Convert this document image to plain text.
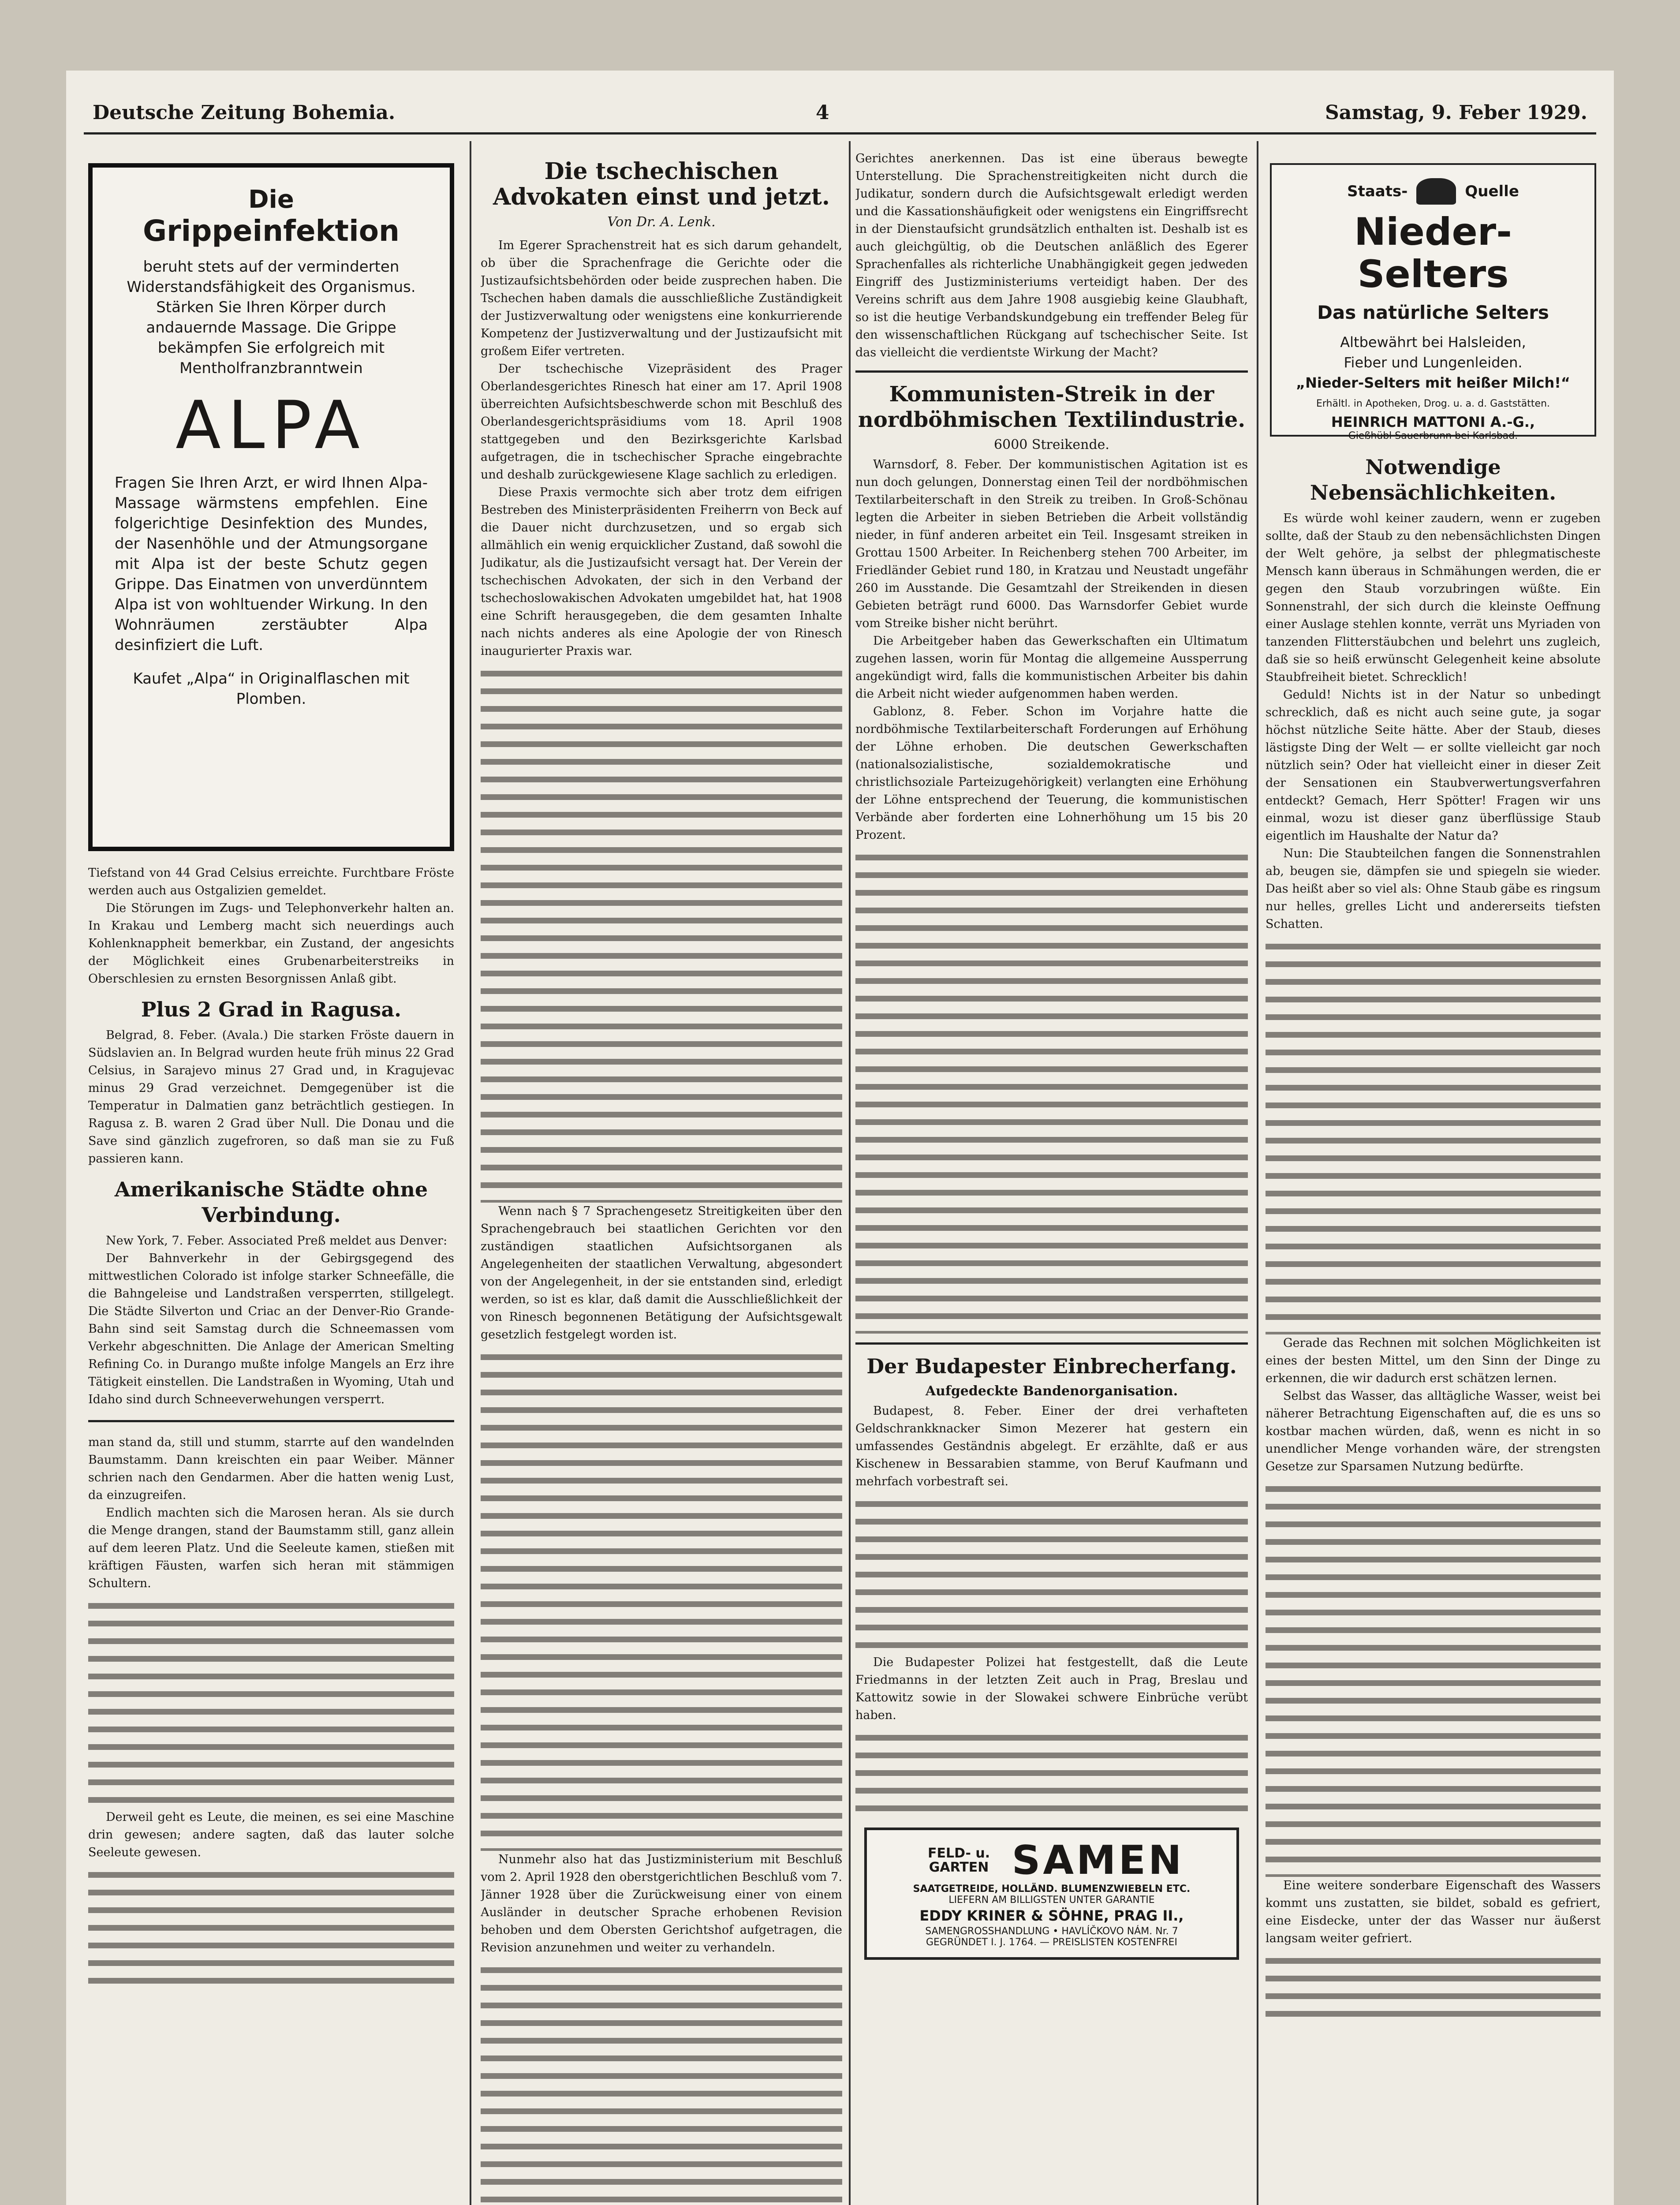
Deutsche Zeitung Bohemia.	4	Samstag, 9. Feber 1929.
Die
Grippeinfektion
beruht stets auf der verminderten Widerstandsfähigkeit des Organismus. Stärken Sie Ihren Körper durch andauernde Massage. Die Grippe bekämpfen Sie erfolgreich mit Mentholfranzbranntwein
ALPA
Fragen Sie Ihren Arzt, er wird Ihnen Alpa-Massage wärmstens empfehlen. Eine folgerichtige Desinfektion des Mundes, der Nasenhöhle und der Atmungsorgane mit Alpa ist der beste Schutz gegen Grippe. Das Einatmen von unverdünntem Alpa ist von wohltuender Wirkung. In den Wohnräumen zerstäubter Alpa desinfiziert die Luft.
Kaufet „Alpa“ in Originalflaschen mit Plomben.

Tiefstand von 44 Grad Celsius erreichte. Furchtbare Fröste werden auch aus Ostgalizien gemeldet.

Die Störungen im Zugs- und Telephonverkehr halten an. In Krakau und Lemberg macht sich neuerdings auch Kohlenknappheit bemerkbar, ein Zustand, der angesichts der Möglichkeit eines Grubenarbeiterstreiks in Oberschlesien zu ernsten Besorgnissen Anlaß gibt.

Plus 2 Grad in Ragusa.

Belgrad, 8. Feber. (Avala.) Die starken Fröste dauern in Südslavien an. In Belgrad wurden heute früh minus 22 Grad Celsius, in Sarajevo minus 27 Grad und, in Kragujevac minus 29 Grad verzeichnet. Demgegenüber ist die Temperatur in Dalmatien ganz beträchtlich gestiegen. In Ragusa z. B. waren 2 Grad über Null. Die Donau und die Save sind gänzlich zugefroren, so daß man sie zu Fuß passieren kann.

Amerikanische Städte ohne Verbindung.

New York, 7. Feber. Associated Preß meldet aus Denver:

Der Bahnverkehr in der Gebirgsgegend des mittwestlichen Colorado ist infolge starker Schneefälle, die die Bahngeleise und Landstraßen versperrten, stillgelegt. Die Städte Silverton und Criac an der Denver-Rio Grande-Bahn sind seit Samstag durch die Schneemassen vom Verkehr abgeschnitten. Die Anlage der American Smelting Refining Co. in Durango mußte infolge Mangels an Erz ihre Tätigkeit einstellen. Die Landstraßen in Wyoming, Utah und Idaho sind durch Schneeverwehungen versperrt.

man stand da, still und stumm, starrte auf den wandelnden Baumstamm. Dann kreischten ein paar Weiber. Männer schrien nach den Gendarmen. Aber die hatten wenig Lust, da einzugreifen.

Endlich machten sich die Marosen heran. Als sie durch die Menge drangen, stand der Baumstamm still, ganz allein auf dem leeren Platz. Und die Seeleute kamen, stießen mit kräftigen Fäusten, warfen sich heran mit stämmigen Schultern.

Derweil geht es Leute, die meinen, es sei eine Maschine drin gewesen; andere sagten, daß das lauter solche Seeleute gewesen.

Die tschechischen Advokaten einst und jetzt.
Von Dr. A. Lenk.

Im Egerer Sprachenstreit hat es sich darum gehandelt, ob über die Sprachenfrage die Gerichte oder die Justizaufsichtsbehörden oder beide zusprechen haben. Die Tschechen haben damals die ausschließliche Zuständigkeit der Justizverwaltung oder wenigstens eine konkurrierende Kompetenz der Justizverwaltung und der Justizaufsicht mit großem Eifer vertreten.

Der tschechische Vizepräsident des Prager Oberlandesgerichtes Rinesch hat einer am 17. April 1908 überreichten Aufsichtsbeschwerde schon mit Beschluß des Oberlandesgerichtspräsidiums vom 18. April 1908 stattgegeben und den Bezirksgerichte Karlsbad aufgetragen, die in tschechischer Sprache eingebrachte und deshalb zurückgewiesene Klage sachlich zu erledigen.

Diese Praxis vermochte sich aber trotz dem eifrigen Bestreben des Ministerpräsidenten Freiherrn von Beck auf die Dauer nicht durchzusetzen, und so ergab sich allmählich ein wenig erquicklicher Zustand, daß sowohl die Judikatur, als die Justizaufsicht versagt hat. Der Verein der tschechischen Advokaten, der sich in den Verband der tschechoslowakischen Advokaten umgebildet hat, hat 1908 eine Schrift herausgegeben, die dem gesamten Inhalte nach nichts anderes als eine Apologie der von Rinesch inaugurierter Praxis war.

Wenn nach § 7 Sprachengesetz Streitigkeiten über den Sprachengebrauch bei staatlichen Gerichten vor den zuständigen staatlichen Aufsichtsorganen als Angelegenheiten der staatlichen Verwaltung, abgesondert von der Angelegenheit, in der sie entstanden sind, erledigt werden, so ist es klar, daß damit die Ausschließlichkeit der von Rinesch begonnenen Betätigung der Aufsichtsgewalt gesetzlich festgelegt worden ist.

Nunmehr also hat das Justizministerium mit Beschluß vom 2. April 1928 den oberstgerichtlichen Beschluß vom 7. Jänner 1928 über die Zurückweisung einer von einem Ausländer in deutscher Sprache erhobenen Revision behoben und dem Obersten Gerichtshof aufgetragen, die Revision anzunehmen und weiter zu verhandeln.

Gerichtes anerkennen. Das ist eine überaus bewegte Unterstellung. Die Sprachenstreitigkeiten nicht durch die Judikatur, sondern durch die Aufsichtsgewalt erledigt werden und die Kassationshäufigkeit oder wenigstens ein Eingriffsrecht in der Dienstaufsicht grundsätzlich enthalten ist. Deshalb ist es auch gleichgültig, ob die Deutschen anläßlich des Egerer Sprachenfalles als richterliche Unabhängigkeit gegen jedweden Eingriff des Justizministeriums verteidigt haben. Der des Vereins schrift aus dem Jahre 1908 ausgiebig keine Glaubhaft, so ist die heutige Verbandskundgebung ein treffender Beleg für den wissenschaftlichen Rückgang auf tschechischer Seite. Ist das vielleicht die verdientste Wirkung der Macht?

Kommunisten-Streik in der nordböhmischen Textilindustrie.
6000 Streikende.

Warnsdorf, 8. Feber. Der kommunistischen Agitation ist es nun doch gelungen, Donnerstag einen Teil der nordböhmischen Textilarbeiterschaft in den Streik zu treiben. In Groß-Schönau legten die Arbeiter in sieben Betrieben die Arbeit vollständig nieder, in fünf anderen arbeitet ein Teil. Insgesamt streiken in Grottau 1500 Arbeiter. In Reichenberg stehen 700 Arbeiter, im Friedländer Gebiet rund 180, in Kratzau und Neustadt ungefähr 260 im Ausstande. Die Gesamtzahl der Streikenden in diesen Gebieten beträgt rund 6000. Das Warnsdorfer Gebiet wurde vom Streike bisher nicht berührt.

Die Arbeitgeber haben das Gewerkschaften ein Ultimatum zugehen lassen, worin für Montag die allgemeine Aussperrung angekündigt wird, falls die kommunistischen Arbeiter bis dahin die Arbeit nicht wieder aufgenommen haben werden.

Gablonz, 8. Feber. Schon im Vorjahre hatte die nordböhmische Textilarbeiterschaft Forderungen auf Erhöhung der Löhne erhoben. Die deutschen Gewerkschaften (nationalsozialistische, sozialdemokratische und christlichsoziale Parteizugehörigkeit) verlangten eine Erhöhung der Löhne entsprechend der Teuerung, die kommunistischen Verbände aber forderten eine Lohnerhöhung um 15 bis 20 Prozent.

Der Budapester Einbrecherfang.
Aufgedeckte Bandenorganisation.

Budapest, 8. Feber. Einer der drei verhafteten Geldschrankknacker Simon Mezerer hat gestern ein umfassendes Geständnis abgelegt. Er erzählte, daß er aus Kischenew in Bessarabien stamme, von Beruf Kaufmann und mehrfach vorbestraft sei.

Die Budapester Polizei hat festgestellt, daß die Leute Friedmanns in der letzten Zeit auch in Prag, Breslau und Kattowitz sowie in der Slowakei schwere Einbrüche verübt haben.

FELD- u. GARTEN SAMEN
SAATGETREIDE, HOLLÄND. BLUMENZWIEBELN ETC.
LIEFERN AM BILLIGSTEN UNTER GARANTIE
EDDY KRINER & SÖHNE, PRAG II.,
SAMENGROSSHANDLUNG • HAVLÍČKOVO NÁM. Nr. 7
GEGRÜNDET I. J. 1764. — PREISLISTEN KOSTENFREI
Staats-	Quelle
Nieder-Selters
Das natürliche Selters
Altbewährt bei Halsleiden,
Fieber und Lungenleiden.
„Nieder-Selters mit heißer Milch!“
Erhältl. in Apotheken, Drog. u. a. d. Gaststätten.
HEINRICH MATTONI A.-G.,
Gießhübl Sauerbrunn bei Karlsbad.
Notwendige Nebensächlichkeiten.

Es würde wohl keiner zaudern, wenn er zugeben sollte, daß der Staub zu den nebensächlichsten Dingen der Welt gehöre, ja selbst der phlegmatischeste Mensch kann überaus in Schmähungen werden, die er gegen den Staub vorzubringen wüßte. Ein Sonnenstrahl, der sich durch die kleinste Oeffnung einer Auslage stehlen konnte, verrät uns Myriaden von tanzenden Flitterstäubchen und belehrt uns zugleich, daß sie so heiß erwünscht Gelegenheit keine absolute Staubfreiheit bietet. Schrecklich!

Geduld! Nichts ist in der Natur so unbedingt schrecklich, daß es nicht auch seine gute, ja sogar höchst nützliche Seite hätte. Aber der Staub, dieses lästigste Ding der Welt — er sollte vielleicht gar noch nützlich sein? Oder hat vielleicht einer in dieser Zeit der Sensationen ein Staubverwertungsverfahren entdeckt? Gemach, Herr Spötter! Fragen wir uns einmal, wozu ist dieser ganz überflüssige Staub eigentlich im Haushalte der Natur da?

Nun: Die Staubteilchen fangen die Sonnenstrahlen ab, beugen sie, dämpfen sie und spiegeln sie wieder. Das heißt aber so viel als: Ohne Staub gäbe es ringsum nur helles, grelles Licht und andererseits tiefsten Schatten.

Gerade das Rechnen mit solchen Möglichkeiten ist eines der besten Mittel, um den Sinn der Dinge zu erkennen, die wir dadurch erst schätzen lernen.

Selbst das Wasser, das alltägliche Wasser, weist bei näherer Betrachtung Eigenschaften auf, die es uns so kostbar machen würden, daß, wenn es nicht in so unendlicher Menge vorhanden wäre, der strengsten Gesetze zur Sparsamen Nutzung bedürfte.

Eine weitere sonderbare Eigenschaft des Wassers kommt uns zustatten, sie bildet, sobald es gefriert, eine Eisdecke, unter der das Wasser nur äußerst langsam weiter gefriert.
